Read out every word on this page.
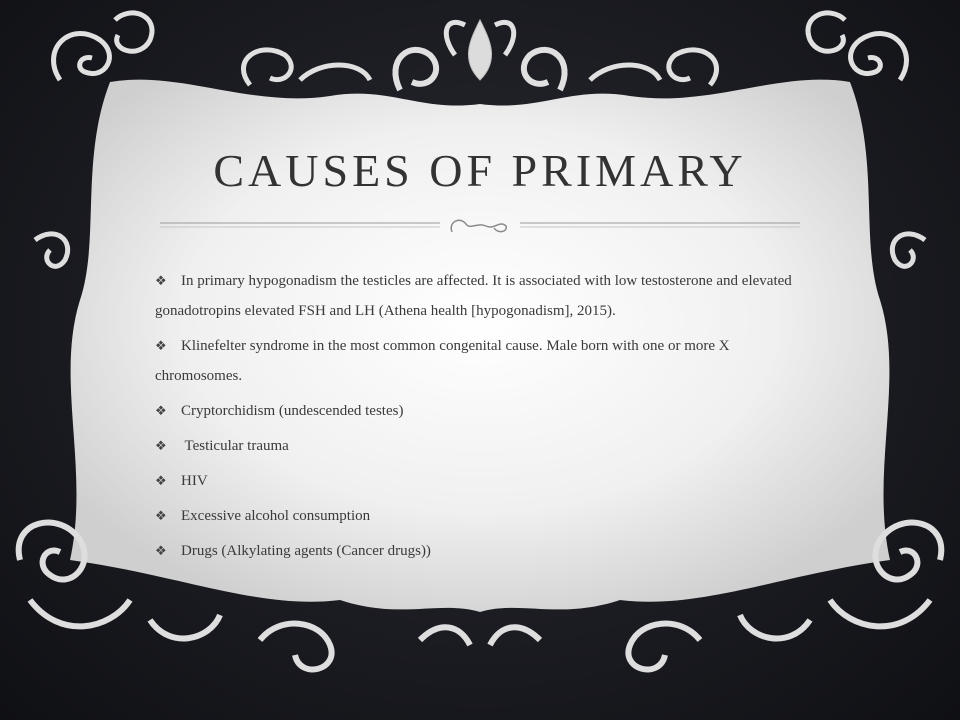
CAUSES OF PRIMARY
❖ In primary hypogonadism the testicles are affected. It is associated with low testosterone and elevated gonadotropins elevated FSH and LH (Athena health [hypogonadism], 2015).
❖ Klinefelter syndrome in the most common congenital cause. Male born with one or more X chromosomes.
❖ Cryptorchidism (undescended testes)
❖ Testicular trauma
❖ HIV
❖ Excessive alcohol consumption
❖ Drugs (Alkylating agents (Cancer drugs))
